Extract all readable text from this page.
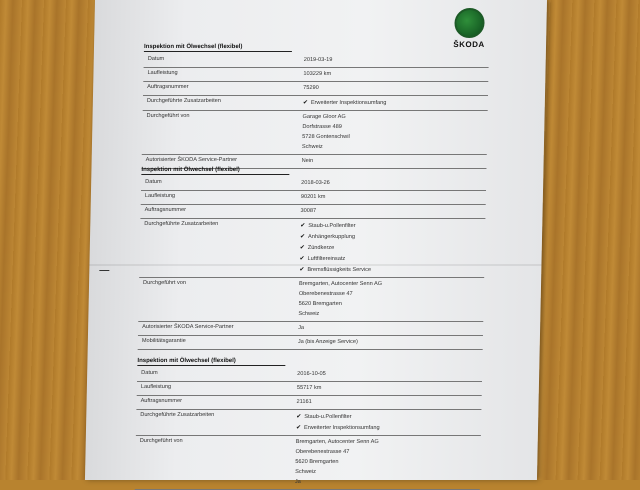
ŠKODA
Inspektion mit Ölwechsel (flexibel)
Datum	2019-03-19
Laufleistung	103229 km
Auftragsnummer	75290
Durchgeführte Zusatzarbeiten	✔ Erweiterter Inspektionsumfang
Durchgeführt von	Garage Gloor AG
Dorfstrasse 489
5728 Gontenschwil
Schweiz
Autorisierter ŠKODA Service-Partner	Nein
Inspektion mit Ölwechsel (flexibel)
Datum	2018-03-26
Laufleistung	90201 km
Auftragsnummer	30087
Durchgeführte Zusatzarbeiten	✔ Staub-u.Pollenfilter
✔ Anhängerkupplung
✔ Zündkerze
✔ Luftfiltereinsatz
✔ Bremsflüssigkeits Service
Durchgeführt von	Bremgarten, Autocenter Senn AG
Oberebenestrasse 47
5620 Bremgarten
Schweiz
Autorisierter ŠKODA Service-Partner	Ja
Mobilitätsgarantie	Ja (bis Anzeige Service)
Inspektion mit Ölwechsel (flexibel)
Datum	2016-10-05
Laufleistung	55717 km
Auftragsnummer	21161
Durchgeführte Zusatzarbeiten	✔ Staub-u.Pollenfilter
✔ Erweiterter Inspektionsumfang
Durchgeführt von	Bremgarten, Autocenter Senn AG
Oberebenestrasse 47
5620 Bremgarten
Schweiz
Ja
